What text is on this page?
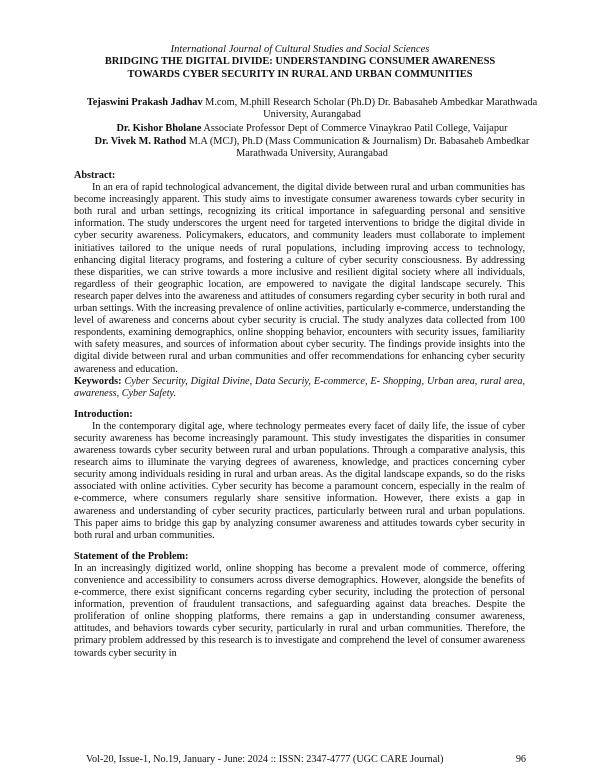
International Journal of Cultural Studies and Social Sciences
BRIDGING THE DIGITAL DIVIDE: UNDERSTANDING CONSUMER AWARENESS
TOWARDS CYBER SECURITY IN RURAL AND URBAN COMMUNITIES
Tejaswini Prakash Jadhav M.com, M.phill Research Scholar (Ph.D) Dr. Babasaheb Ambedkar Marathwada University, Aurangabad
Dr. Kishor Bholane Associate Professor Dept of Commerce Vinaykrao Patil College, Vaijapur
Dr. Vivek M. Rathod M.A (MCJ), Ph.D (Mass Communication & Journalism) Dr. Babasaheb Ambedkar Marathwada University, Aurangabad
Abstract:

In an era of rapid technological advancement, the digital divide between rural and urban communities has become increasingly apparent. This study aims to investigate consumer awareness towards cyber security in both rural and urban settings, recognizing its critical importance in safeguarding personal and sensitive information. The study underscores the urgent need for targeted interventions to bridge the digital divide in cyber security awareness. Policymakers, educators, and community leaders must collaborate to implement initiatives tailored to the unique needs of rural populations, including improving access to technology, enhancing digital literacy programs, and fostering a culture of cyber security consciousness. By addressing these disparities, we can strive towards a more inclusive and resilient digital society where all individuals, regardless of their geographic location, are empowered to navigate the digital landscape securely. This research paper delves into the awareness and attitudes of consumers regarding cyber security in both rural and urban settings. With the increasing prevalence of online activities, particularly e-commerce, understanding the level of awareness and concerns about cyber security is crucial. The study analyzes data collected from 100 respondents, examining demographics, online shopping behavior, encounters with security issues, familiarity with safety measures, and sources of information about cyber security. The findings provide insights into the digital divide between rural and urban communities and offer recommendations for enhancing cyber security awareness and education.

Keywords: Cyber Security, Digital Divine, Data Securiy, E-commerce, E- Shopping, Urban area, rural area, awareness, Cyber Safety.

Introduction:

In the contemporary digital age, where technology permeates every facet of daily life, the issue of cyber security awareness has become increasingly paramount. This study investigates the disparities in consumer awareness towards cyber security between rural and urban populations. Through a comparative analysis, this research aims to illuminate the varying degrees of awareness, knowledge, and practices concerning cyber security among individuals residing in rural and urban areas. As the digital landscape expands, so do the risks associated with online activities. Cyber security has become a paramount concern, especially in the realm of e-commerce, where consumers regularly share sensitive information. However, there exists a gap in awareness and understanding of cyber security practices, particularly between rural and urban populations. This paper aims to bridge this gap by analyzing consumer awareness and attitudes towards cyber security in both rural and urban communities.

Statement of the Problem:

In an increasingly digitized world, online shopping has become a prevalent mode of commerce, offering convenience and accessibility to consumers across diverse demographics. However, alongside the benefits of e-commerce, there exist significant concerns regarding cyber security, including the protection of personal information, prevention of fraudulent transactions, and safeguarding against data breaches. Despite the proliferation of online shopping platforms, there remains a gap in understanding consumer awareness, attitudes, and behaviors towards cyber security, particularly in rural and urban communities. Therefore, the primary problem addressed by this research is to investigate and comprehend the level of consumer awareness towards cyber security in

Vol-20, Issue-1, No.19, January - June: 2024 :: ISSN: 2347-4777 (UGC CARE Journal)	96
